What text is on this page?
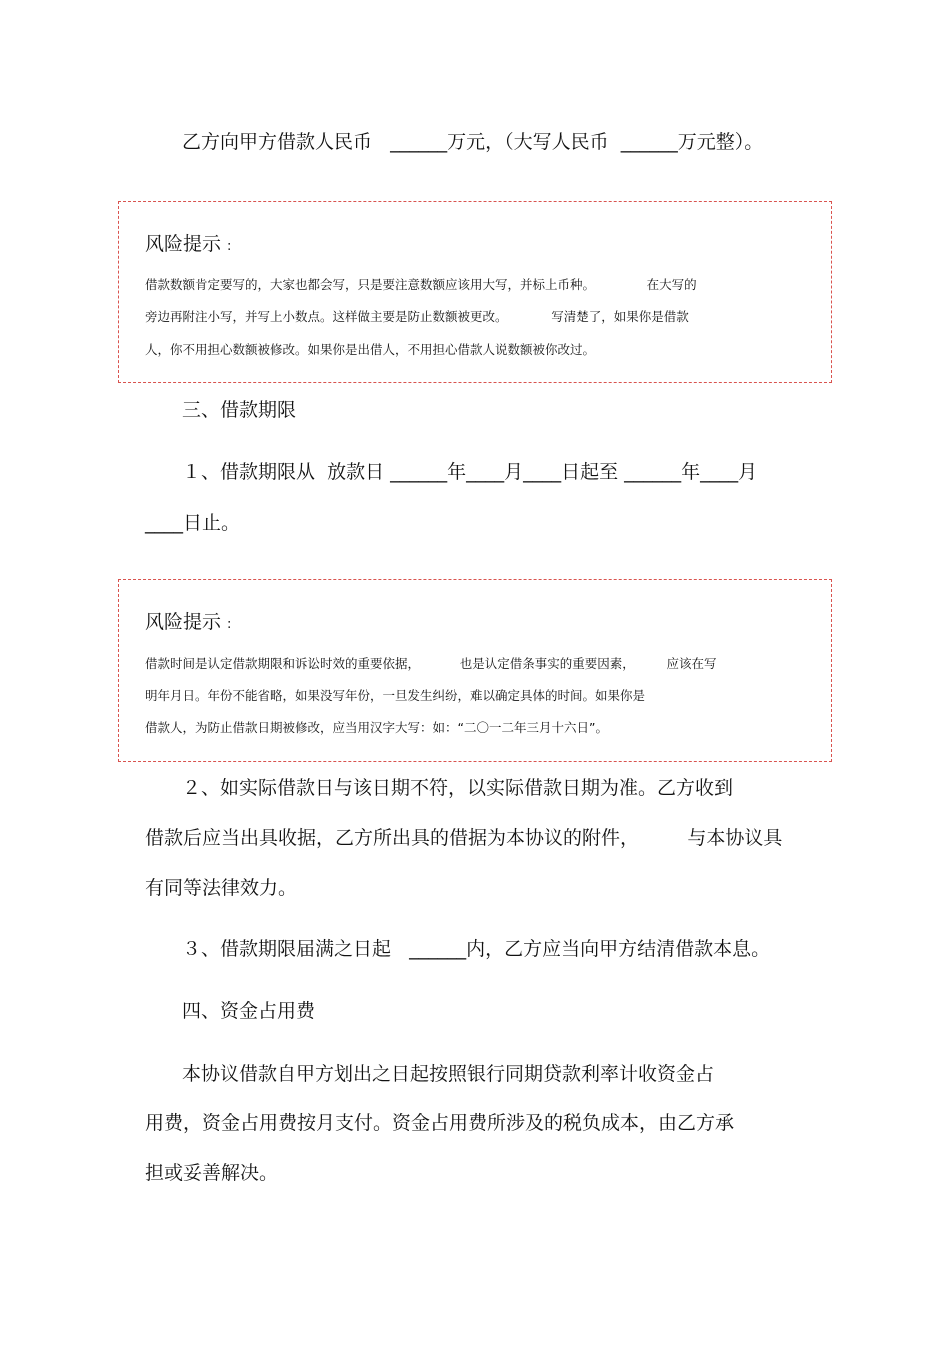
乙方向甲方借款人民币   ______万元，（大写人民币  ______万元整）。
风险提示 :
借款数额肯定要写的，大家也都会写，只是要注意数额应该用大写，并标上币种。             在大写的
旁边再附注小写，并写上小数点。这样做主要是防止数额被更改。           写清楚了，如果你是借款
人，你不用担心数额被修改。如果你是出借人，不用担心借款人说数额被你改过。
三、借款期限
１、借款期限从  放款日 ______年____月____日起至 ______年____月
____日止。
风险提示 :
借款时间是认定借款期限和诉讼时效的重要依据，          也是认定借条事实的重要因素，        应该在写
明年月日。年份不能省略，如果没写年份，一旦发生纠纷，难以确定具体的时间。如果你是
借款人，为防止借款日期被修改，应当用汉字大写：如：“二〇一二年三月十六日”。
２、如实际借款日与该日期不符，以实际借款日期为准。乙方收到
借款后应当出具收据，乙方所出具的借据为本协议的附件，        与本协议具
有同等法律效力。
３、借款期限届满之日起   ______内，乙方应当向甲方结清借款本息。
四、资金占用费
本协议借款自甲方划出之日起按照银行同期贷款利率计收资金占
用费，资金占用费按月支付。资金占用费所涉及的税负成本，由乙方承
担或妥善解决。
